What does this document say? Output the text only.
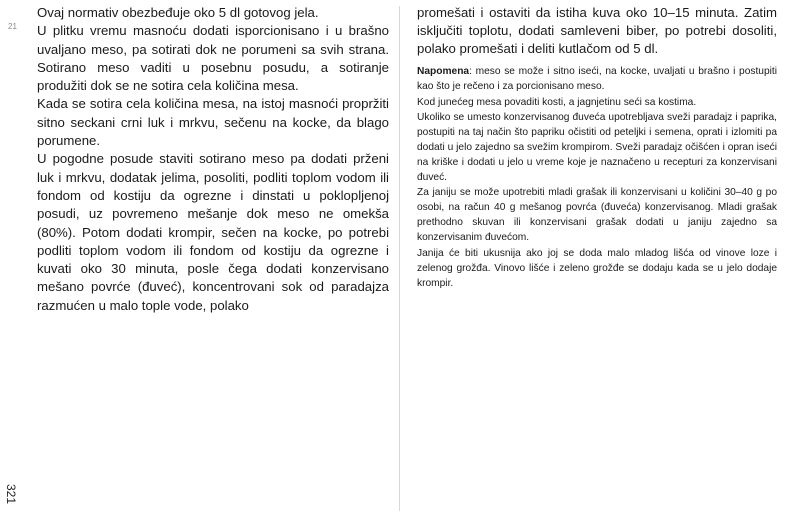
21
321

Ovaj normativ obezbeđuje oko 5 dl gotovog jela.

U plitku vremu masnoću dodati isporcionisano i u brašno uvaljano meso, pa sotirati dok ne porumeni sa svih strana. Sotirano meso vaditi u posebnu posudu, a sotiranje produžiti dok se ne sotira cela količina mesa.

Kada se sotira cela količina mesa, na istoj masnoći propržiti sitno seckani crni luk i mrkvu, sečenu na kocke, da blago porumene.

U pogodne posude staviti sotirano meso pa dodati prženi luk i mrkvu, dodatak jelima, posoliti, podliti toplom vodom ili fondom od kostiju da ogrezne i dinstati u poklopljenoj posudi, uz povremeno mešanje dok meso ne omekša (80%). Potom dodati krompir, sečen na kocke, po potrebi podliti toplom vodom ili fondom od kostiju da ogrezne i kuvati oko 30 minuta, posle čega dodati konzervisano mešano povrće (đuveć), koncentrovani sok od paradajza razmućen u malo tople vode, polako

promešati i ostaviti da istiha kuva oko 10–15 minuta. Zatim isključiti toplotu, dodati samleveni biber, po potrebi dosoliti, polako promešati i deliti kutlačom od 5 dl.

Napomena: meso se može i sitno iseći, na kocke, uvaljati u brašno i postupiti kao što je rečeno i za porcionisano meso.

Kod junećeg mesa povaditi kosti, a jagnjetinu seći sa kostima.

Ukoliko se umesto konzervisanog đuveća upotrebljava sveži paradajz i paprika, postupiti na taj način što papriku očistiti od peteljki i semena, oprati i izlomiti pa dodati u jelo zajedno sa svežim krompirom. Sveži paradajz očišćen i opran iseći na kriške i dodati u jelo u vreme koje je naznačeno u recepturi za konzervisani đuveć.

Za janiju se može upotrebiti mladi grašak ili konzervisani u količini 30–40 g po osobi, na račun 40 g mešanog povrća (đuveća) konzervisanog. Mladi grašak prethodno skuvan ili konzervisani grašak dodati u janiju zajedno sa konzervisanim đuvećom.

Janija će biti ukusnija ako joj se doda malo mladog lišća od vinove loze i zelenog grožđa. Vinovo lišće i zeleno grožđe se dodaju kada se u jelo dodaje krompir.
